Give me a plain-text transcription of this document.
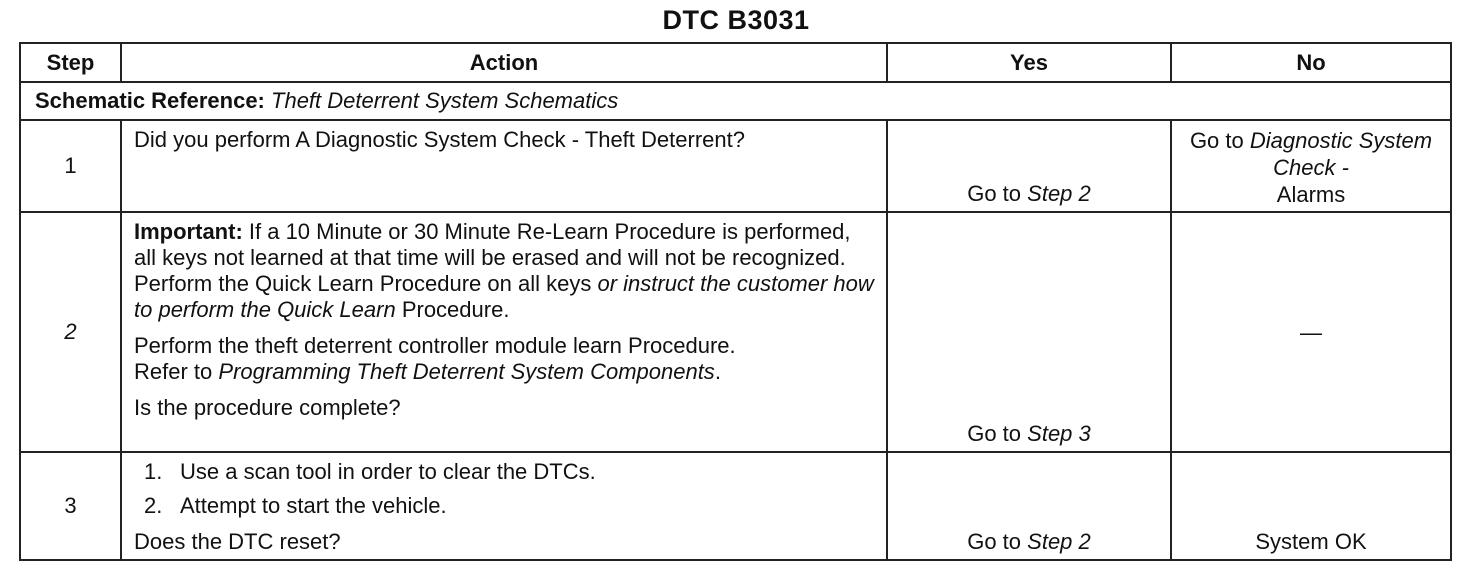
DTC B3031
Step	Action	Yes	No
Schematic Reference: Theft Deterrent System Schematics			
1	Did you perform A Diagnostic System Check - Theft Deterrent?	Go to Step 2	Go to Diagnostic System Check -
Alarms
2	Important: If a 10 Minute or 30 Minute Re-Learn Procedure is performed, all keys not learned at that time will be erased and will not be recognized. Perform the Quick Learn Procedure on all keys or instruct the customer how to perform the Quick Learn Procedure.

Perform the theft deterrent controller module learn Procedure.
Refer to Programming Theft Deterrent System Components.

Is the procedure complete?	Go to Step 3	—
3	1. Use a scan tool in order to clear the DTCs.
2. Attempt to start the vehicle.

Does the DTC reset?	Go to Step 2	System OK
